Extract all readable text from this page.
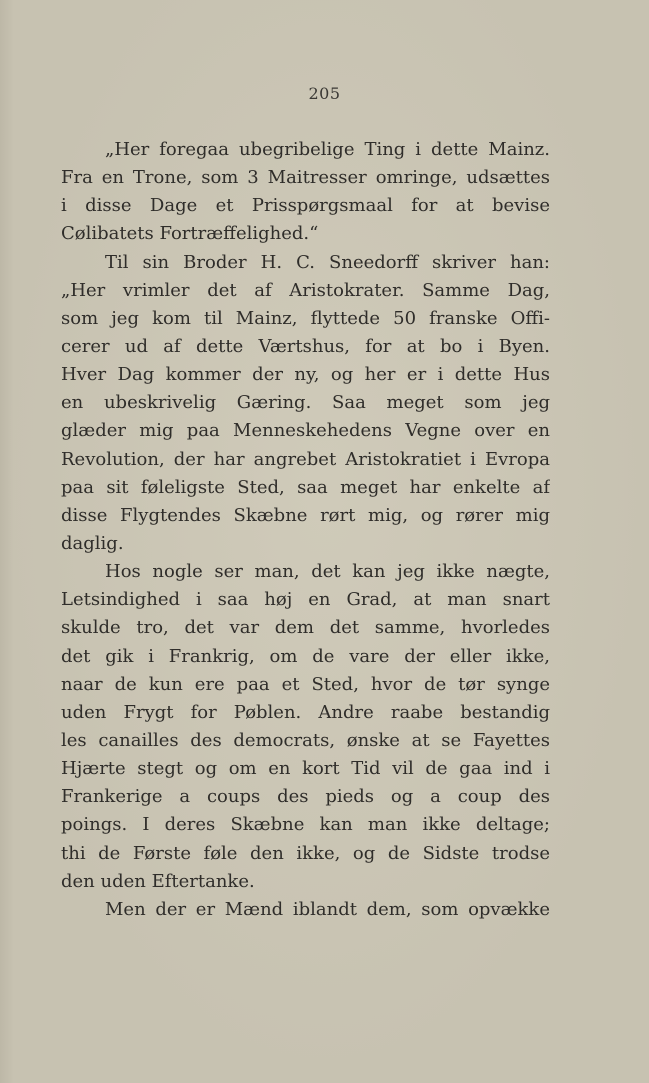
205
„Her foregaa ubegribelige Ting i dette Mainz.
Fra en Trone, som 3 Maitresser omringe, udsættes
i disse Dage et Prisspørgsmaal for at bevise
Cølibatets Fortræffelighed.“
Til sin Broder H. C. Sneedorff skriver han:
„Her vrimler det af Aristokrater. Samme Dag,
som jeg kom til Mainz, flyttede 50 franske Offi-
cerer ud af dette Værtshus, for at bo i Byen.
Hver Dag kommer der ny, og her er i dette Hus
en ubeskrivelig Gæring. Saa meget som jeg
glæder mig paa Menneskehedens Vegne over en
Revolution, der har angrebet Aristokratiet i Evropa
paa sit føleligste Sted, saa meget har enkelte af
disse Flygtendes Skæbne rørt mig, og rører mig
daglig.
Hos nogle ser man, det kan jeg ikke nægte,
Letsindighed i saa høj en Grad, at man snart
skulde tro, det var dem det samme, hvorledes
det gik i Frankrig, om de vare der eller ikke,
naar de kun ere paa et Sted, hvor de tør synge
uden Frygt for Pøblen. Andre raabe bestandig
les canailles des democrats, ønske at se Fayettes
Hjærte stegt og om en kort Tid vil de gaa ind i
Frankerige a coups des pieds og a coup des
poings. I deres Skæbne kan man ikke deltage;
thi de Første føle den ikke, og de Sidste trodse
den uden Eftertanke.
Men der er Mænd iblandt dem, som opvække
